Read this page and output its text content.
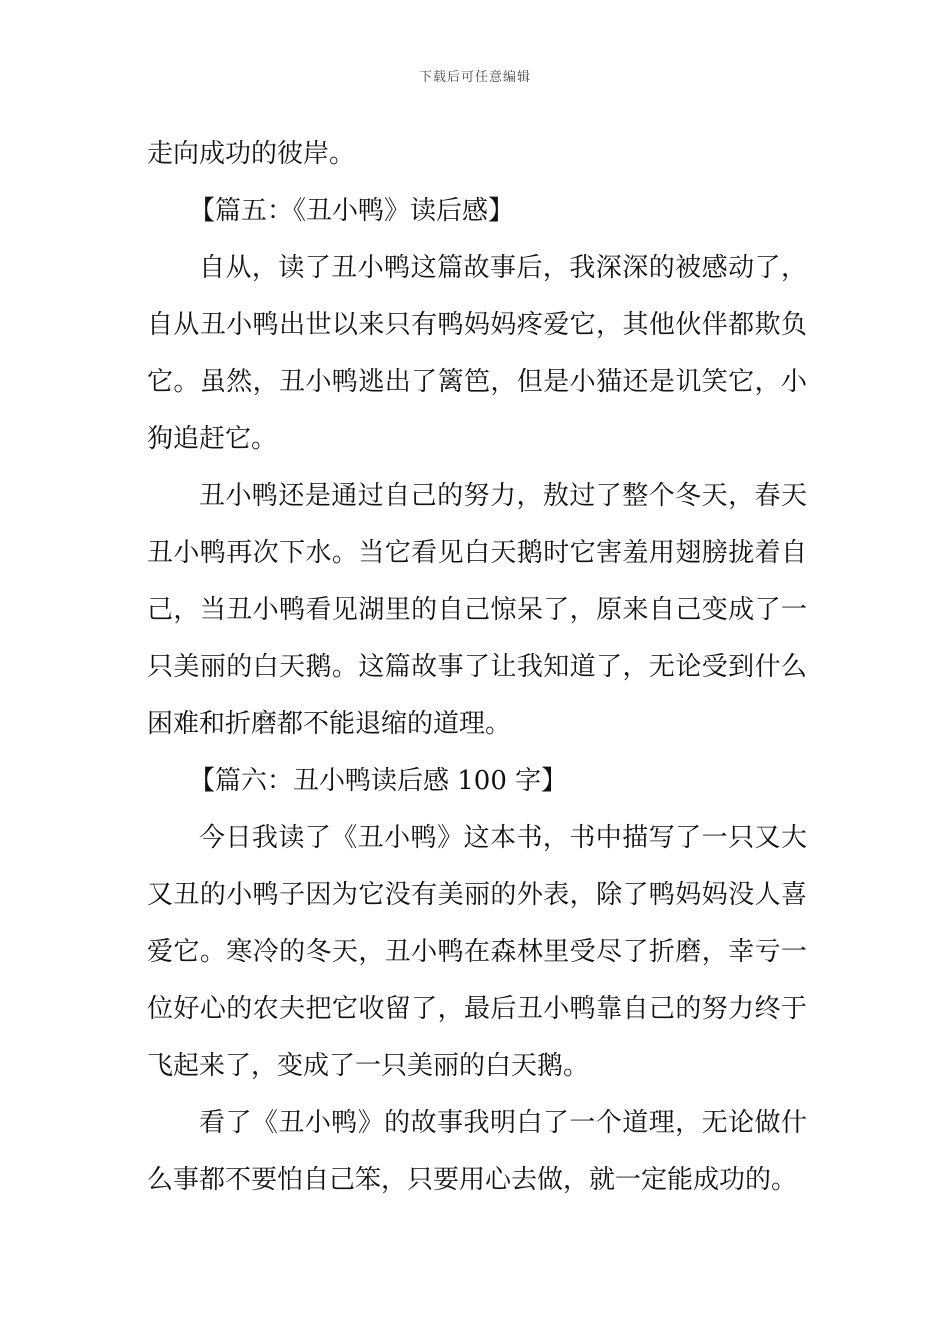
下载后可任意编辑
走向成功的彼岸。
【篇五：《丑小鸭》读后感】
自从，读了丑小鸭这篇故事后，我深深的被感动了，
自从丑小鸭出世以来只有鸭妈妈疼爱它，其他伙伴都欺负
它。虽然，丑小鸭逃出了篱笆，但是小猫还是讥笑它，小
狗追赶它。
丑小鸭还是通过自己的努力，敖过了整个冬天，春天
丑小鸭再次下水。当它看见白天鹅时它害羞用翅膀拢着自
己，当丑小鸭看见湖里的自己惊呆了，原来自己变成了一
只美丽的白天鹅。这篇故事了让我知道了，无论受到什么
困难和折磨都不能退缩的道理。
【篇六：丑小鸭读后感 100 字】
今日我读了《丑小鸭》这本书，书中描写了一只又大
又丑的小鸭子因为它没有美丽的外表，除了鸭妈妈没人喜
爱它。寒冷的冬天，丑小鸭在森林里受尽了折磨，幸亏一
位好心的农夫把它收留了，最后丑小鸭靠自己的努力终于
飞起来了，变成了一只美丽的白天鹅。
看了《丑小鸭》的故事我明白了一个道理，无论做什
么事都不要怕自己笨，只要用心去做，就一定能成功的。
